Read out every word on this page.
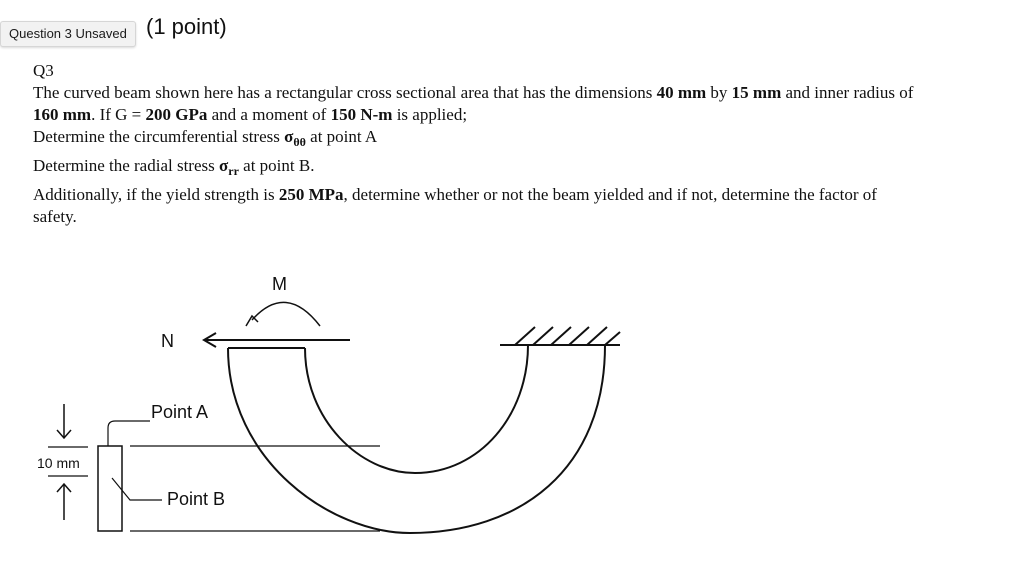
(1 point)
Question 3 Unsaved

Q3

The curved beam shown here has a rectangular cross sectional area that has the dimensions 40 mm by 15 mm and inner radius of 160 mm. If G = 200 GPa and a moment of 150 N-m is applied;

Determine the circumferential stress $\sigma_{\theta\theta}$ at point A

Determine the radial stress $\sigma_{rr}$ at point B.

Additionally, if the yield strength is 250 MPa, determine whether or not the beam yielded and if not, determine the factor of safety.

M
N
Point A
Point B
10 mm
